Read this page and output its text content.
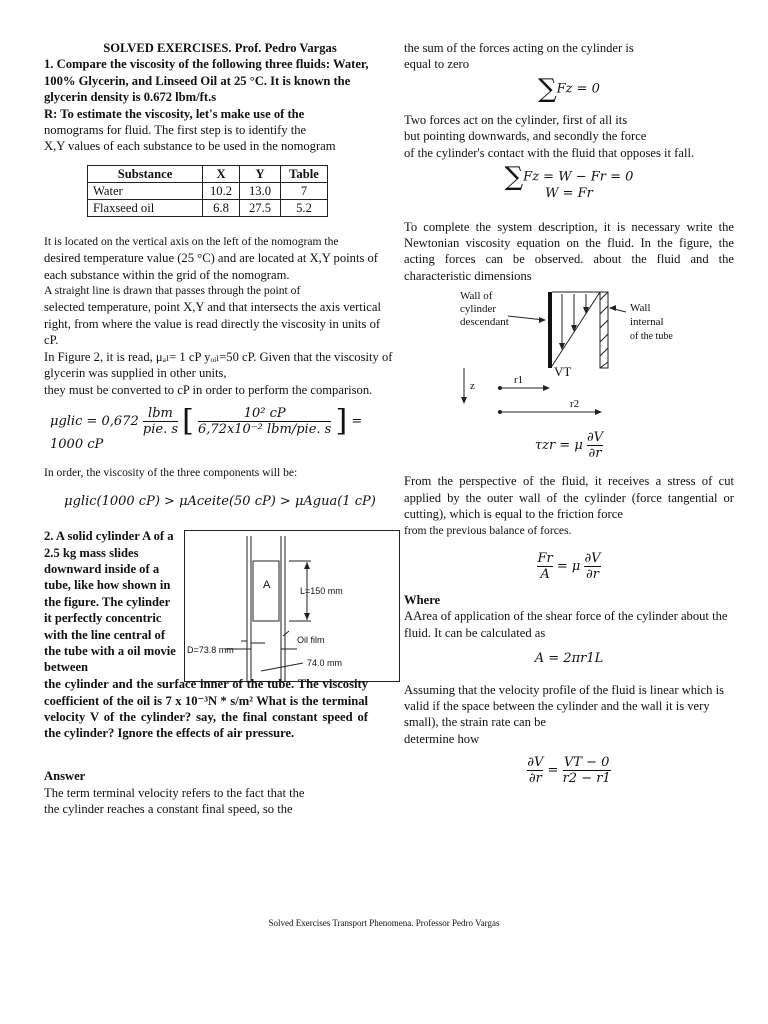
SOLVED EXERCISES. Prof. Pedro Vargas

1. Compare the viscosity of the following three fluids: Water, 100% Glycerin, and Linseed Oil at 25 °C. It is known the glycerin density is 0.672 lbm/ft.s

R: To estimate the viscosity, let's make use of the

nomograms for fluid. The first step is to identify the

X,Y values of each substance to be used in the nomogram

Substance	X	Y	Table
Water	10.2	13.0	7
Flaxseed oil	6.8	27.5	5.2

It is located on the vertical axis on the left of the nomogram the

desired temperature value (25 °C) and are located at X,Y points of each substance within the grid of the nomogram.

A straight line is drawn that passes through the point of

selected temperature, point X,Y and that intersects the axis vertical right, from where the value is read directly the viscosity in units of cP.

In Figure 2, it is read, μₐₗ= 1 cP yₒᵢₗ=50 cP. Given that the viscosity of glycerin was supplied in other units,

they must be converted to cP in order to perform the comparison.

μglic = $0,672 \frac{\text{lbm}}{\text{pie. s}}$ [ $\frac{\text{10² cP}}{\text{6,72x10⁻² lbm/pie. s}}$ ] = 1000 cP

In order, the viscosity of the three components will be:

μglic(1000 cP) > μAceite(50 cP) > μAgua(1 cP)

2. A solid cylinder A of a 2.5 kg mass slides downward inside of a tube, like how shown in the figure. The cylinder it perfectly concentric with the line central of the tube with a oil movie between

A	L=150 mm
D=73.8 mm
Oil film
74.0 mm

the cylinder and the surface inner of the tube. The viscosity coefficient of the oil is 7 x 10⁻³N * s/m² What is the terminal velocity V of the cylinder? say, the final constant speed of the cylinder? Ignore the effects of air pressure.

Answer

The term terminal velocity refers to the fact that the

the cylinder reaches a constant final speed, so the

the sum of the forces acting on the cylinder is

equal to zero

∑Fz = 0

Two forces act on the cylinder, first of all its

but pointing downwards, and secondly the force

of the cylinder's contact with the fluid that opposes it fall.

∑Fz = W − Fr = 0

W = Fr

To complete the system description, it is necessary write the Newtonian viscosity equation on the fluid. In the figure, the acting forces can be observed. about the fluid and the characteristic dimensions

Wall of cylinder descendant
Wall
internal
of the tube
VT
z	r1
r2
τzr = μ $\frac{\partial V}{\partial r}$

From the perspective of the fluid, it receives a stress of cut applied by the outer wall of the cylinder (force tangential or cutting), which is equal to the friction force

from the previous balance of forces.

$\frac{Fr}{A} = \mu \frac{\partial V}{\partial r}$

Where

AArea of application of the shear force of the cylinder about the fluid. It can be calculated as

A = 2πr1L

Assuming that the velocity profile of the fluid is linear which is valid if the space between the cylinder and the wall it is very small), the strain rate can be

determine how

$\frac{\partial V}{\partial r} = \frac{VT - 0}{r2 - r1}$
Solved Exercises Transport Phenomena. Professor Pedro Vargas
